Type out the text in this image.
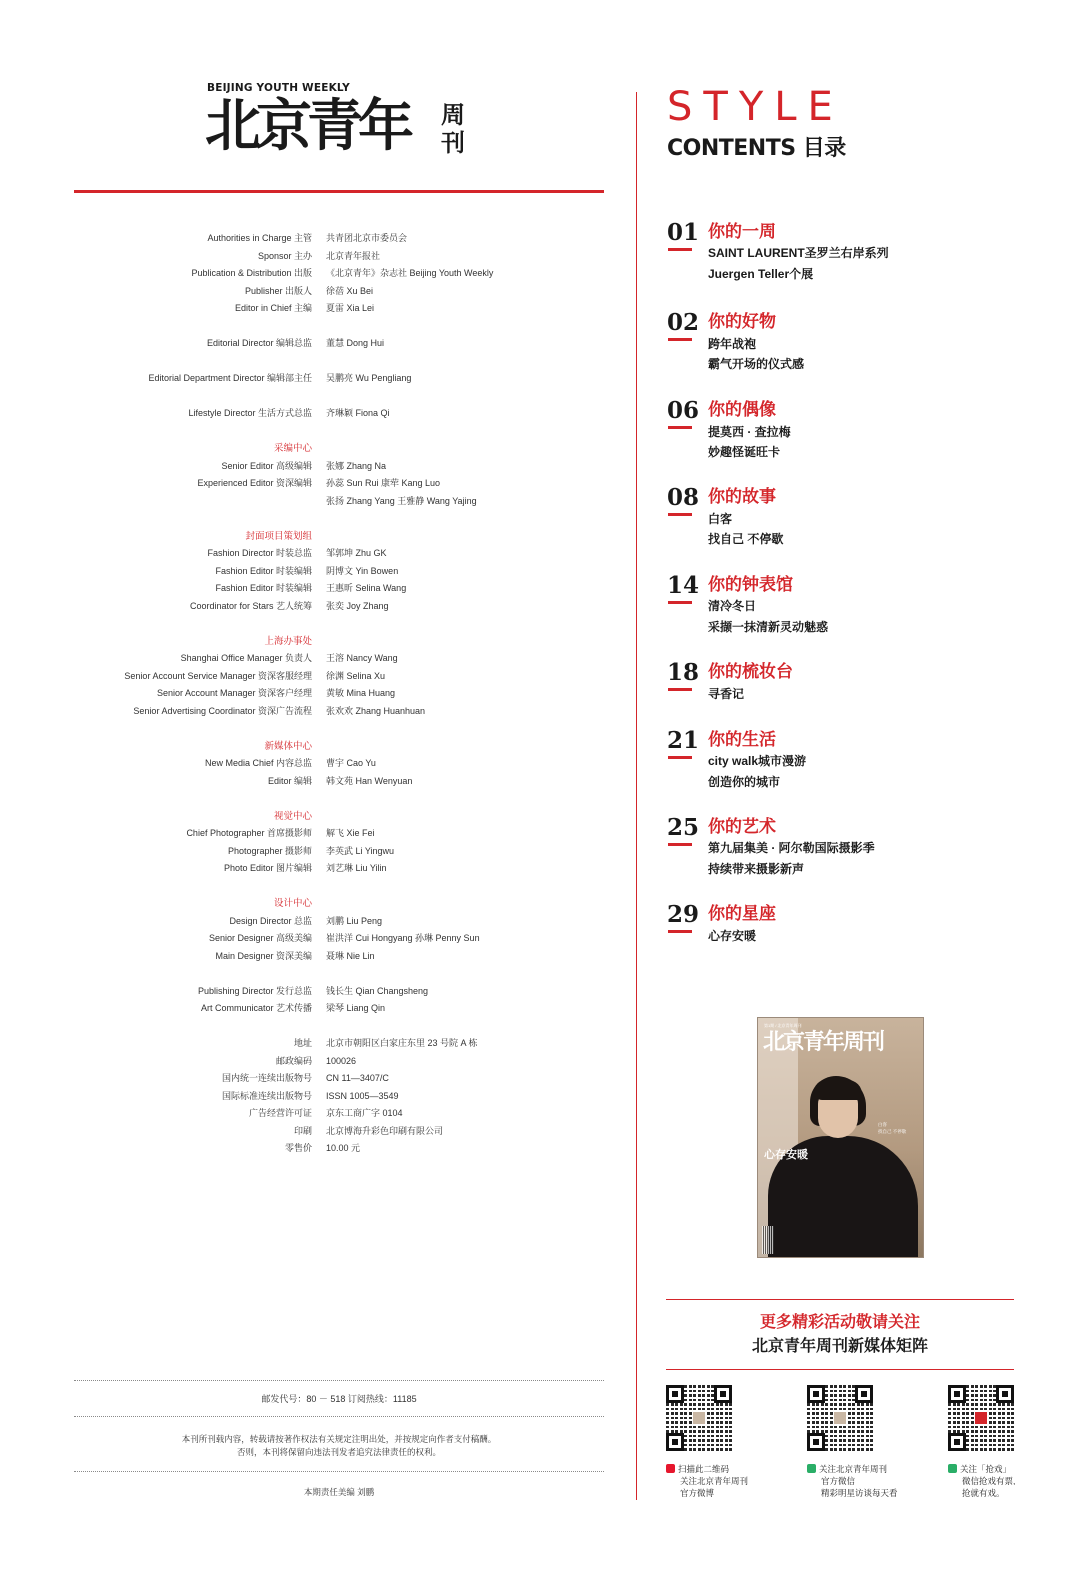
BEIJING YOUTH WEEKLY
北京青年 周
刊
Authorities in Charge 主管 共青团北京市委员会
Sponsor 主办 北京青年报社
Publication & Distribution 出版 《北京青年》杂志社 Beijing Youth Weekly
Publisher 出版人 徐蓓 Xu Bei
Editor in Chief 主编 夏雷 Xia Lei
Editorial Director 编辑总监 董慧 Dong Hui
Editorial Department Director 编辑部主任 吴鹏亮 Wu Pengliang
Lifestyle Director 生活方式总监 齐琳颖 Fiona Qi
采编中心
Senior Editor 高级编辑 张娜 Zhang Na
Experienced Editor 资深编辑 孙蕊 Sun Rui 康荦 Kang Luo
张扬 Zhang Yang 王雅静 Wang Yajing
封面项目策划组
Fashion Director 时装总监 邹郭坤 Zhu GK
Fashion Editor 时装编辑 阴博文 Yin Bowen
Fashion Editor 时装编辑 王惠昕 Selina Wang
Coordinator for Stars 艺人统筹 张奕 Joy Zhang
上海办事处
Shanghai Office Manager 负责人 王溶 Nancy Wang
Senior Account Service Manager 资深客服经理 徐渊 Selina Xu
Senior Account Manager 资深客户经理 黄敏 Mina Huang
Senior Advertising Coordinator 资深广告流程 张欢欢 Zhang Huanhuan
新媒体中心
New Media Chief 内容总监 曹宇 Cao Yu
Editor 编辑 韩文苑 Han Wenyuan
视觉中心
Chief Photographer 首席摄影师 解飞 Xie Fei
Photographer 摄影师 李英武 Li Yingwu
Photo Editor 图片编辑 刘艺琳 Liu Yilin
设计中心
Design Director 总监 刘鹏 Liu Peng
Senior Designer 高级美编 崔洪洋 Cui Hongyang 孙琳 Penny Sun
Main Designer 资深美编 聂琳 Nie Lin
Publishing Director 发行总监 钱长生 Qian Changsheng
Art Communicator 艺术传播 梁琴 Liang Qin
地址 北京市朝阳区白家庄东里 23 号院 A 栋
邮政编码 100026
国内统一连续出版物号 CN 11—3407/C
国际标准连续出版物号 ISSN 1005—3549
广告经营许可证 京东工商广字 0104
印刷 北京博海升彩色印刷有限公司
零售价 10.00 元
邮发代号：80 － 518 订阅热线：11185
本刊所刊载内容，转载请按著作权法有关规定注明出处，并按规定向作者支付稿酬。
否则，本刊将保留向违法刊发者追究法律责任的权利。
本期责任美编 刘鹏
STYLE
CONTENTS 目录
01 你的一周
SAINT LAURENT圣罗兰右岸系列
Juergen Teller个展
02 你的好物
跨年战袍
霸气开场的仪式感
06 你的偶像
提莫西 · 查拉梅
妙趣怪诞旺卡
08 你的故事
白客
找自己 不停歇
14 你的钟表馆
清冷冬日
采撷一抹清新灵动魅惑
18 你的梳妆台
寻香记
21 你的生活
city walk城市漫游
创造你的城市
25 你的艺术
第九届集美 · 阿尔勒国际摄影季
持续带来摄影新声
29 你的星座
心存安暖
第1期 / 北京青年周刊
北京青年周刊
白客
找自己 不停歇
心存安暖
更多精彩活动敬请关注
北京青年周刊新媒体矩阵
扫描此二维码
关注北京青年周刊
官方微博
关注北京青年周刊
官方微信
精彩明星访谈每天看
关注「抢戏」
微信抢戏有票,
抢就有戏。
